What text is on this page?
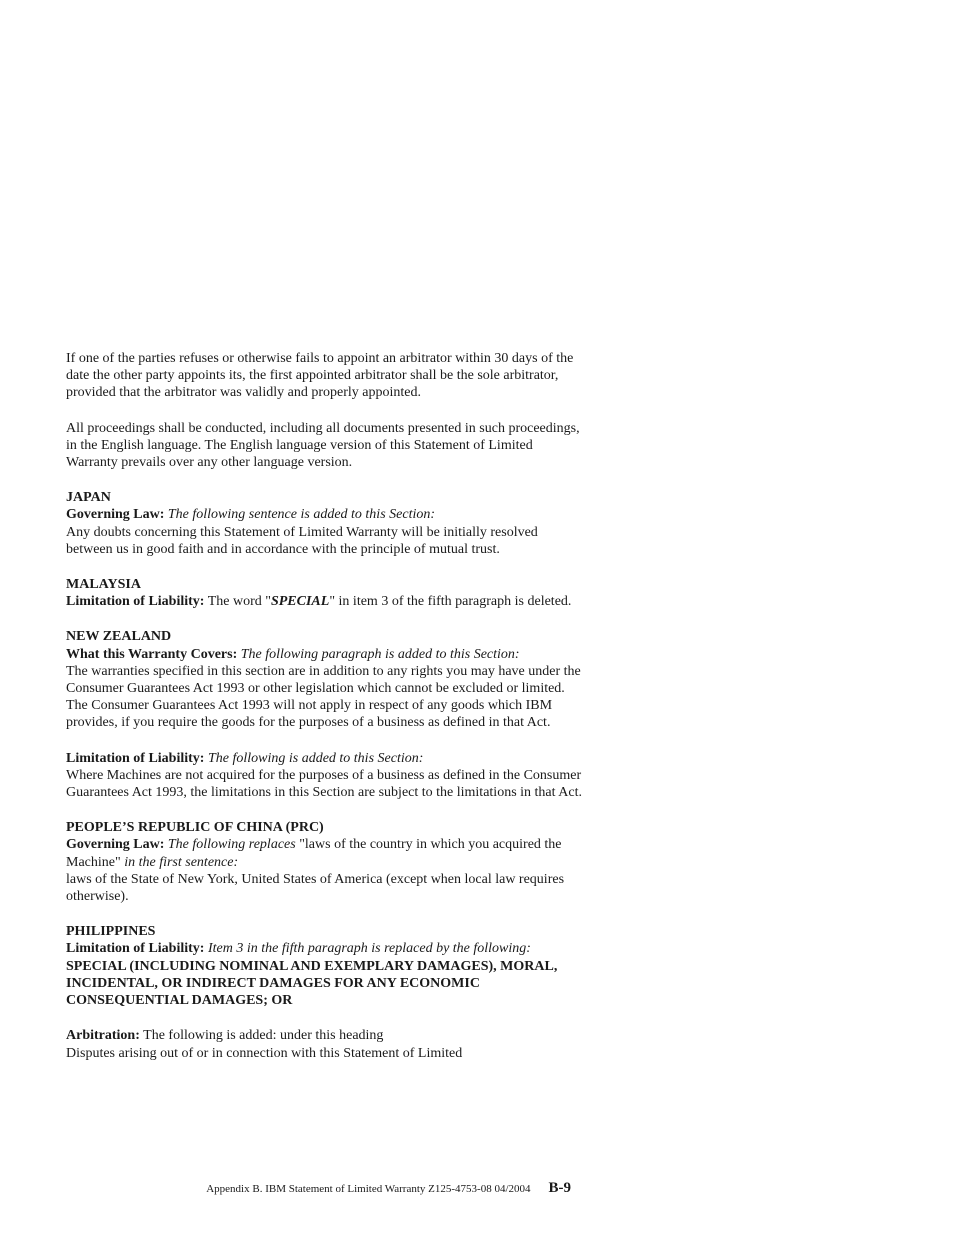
If one of the parties refuses or otherwise fails to appoint an arbitrator within 30 days of the date the other party appoints its, the first appointed arbitrator shall be the sole arbitrator, provided that the arbitrator was validly and properly appointed.

All proceedings shall be conducted, including all documents presented in such proceedings, in the English language. The English language version of this Statement of Limited Warranty prevails over any other language version.

JAPAN

Governing Law: The following sentence is added to this Section:
Any doubts concerning this Statement of Limited Warranty will be initially resolved between us in good faith and in accordance with the principle of mutual trust.

MALAYSIA

Limitation of Liability: The word "SPECIAL" in item 3 of the fifth paragraph is deleted.

NEW ZEALAND

What this Warranty Covers: The following paragraph is added to this Section:
The warranties specified in this section are in addition to any rights you may have under the Consumer Guarantees Act 1993 or other legislation which cannot be excluded or limited. The Consumer Guarantees Act 1993 will not apply in respect of any goods which IBM provides, if you require the goods for the purposes of a business as defined in that Act.

Limitation of Liability: The following is added to this Section:
Where Machines are not acquired for the purposes of a business as defined in the Consumer Guarantees Act 1993, the limitations in this Section are subject to the limitations in that Act.

PEOPLE’S REPUBLIC OF CHINA (PRC)

Governing Law: The following replaces "laws of the country in which you acquired the Machine" in the first sentence:
laws of the State of New York, United States of America (except when local law requires otherwise).

PHILIPPINES

Limitation of Liability: Item 3 in the fifth paragraph is replaced by the following:
SPECIAL (INCLUDING NOMINAL AND EXEMPLARY DAMAGES), MORAL, INCIDENTAL, OR INDIRECT DAMAGES FOR ANY ECONOMIC CONSEQUENTIAL DAMAGES; OR

Arbitration: The following is added: under this heading
Disputes arising out of or in connection with this Statement of Limited

Appendix B. IBM Statement of Limited Warranty Z125-4753-08 04/2004 B-9
